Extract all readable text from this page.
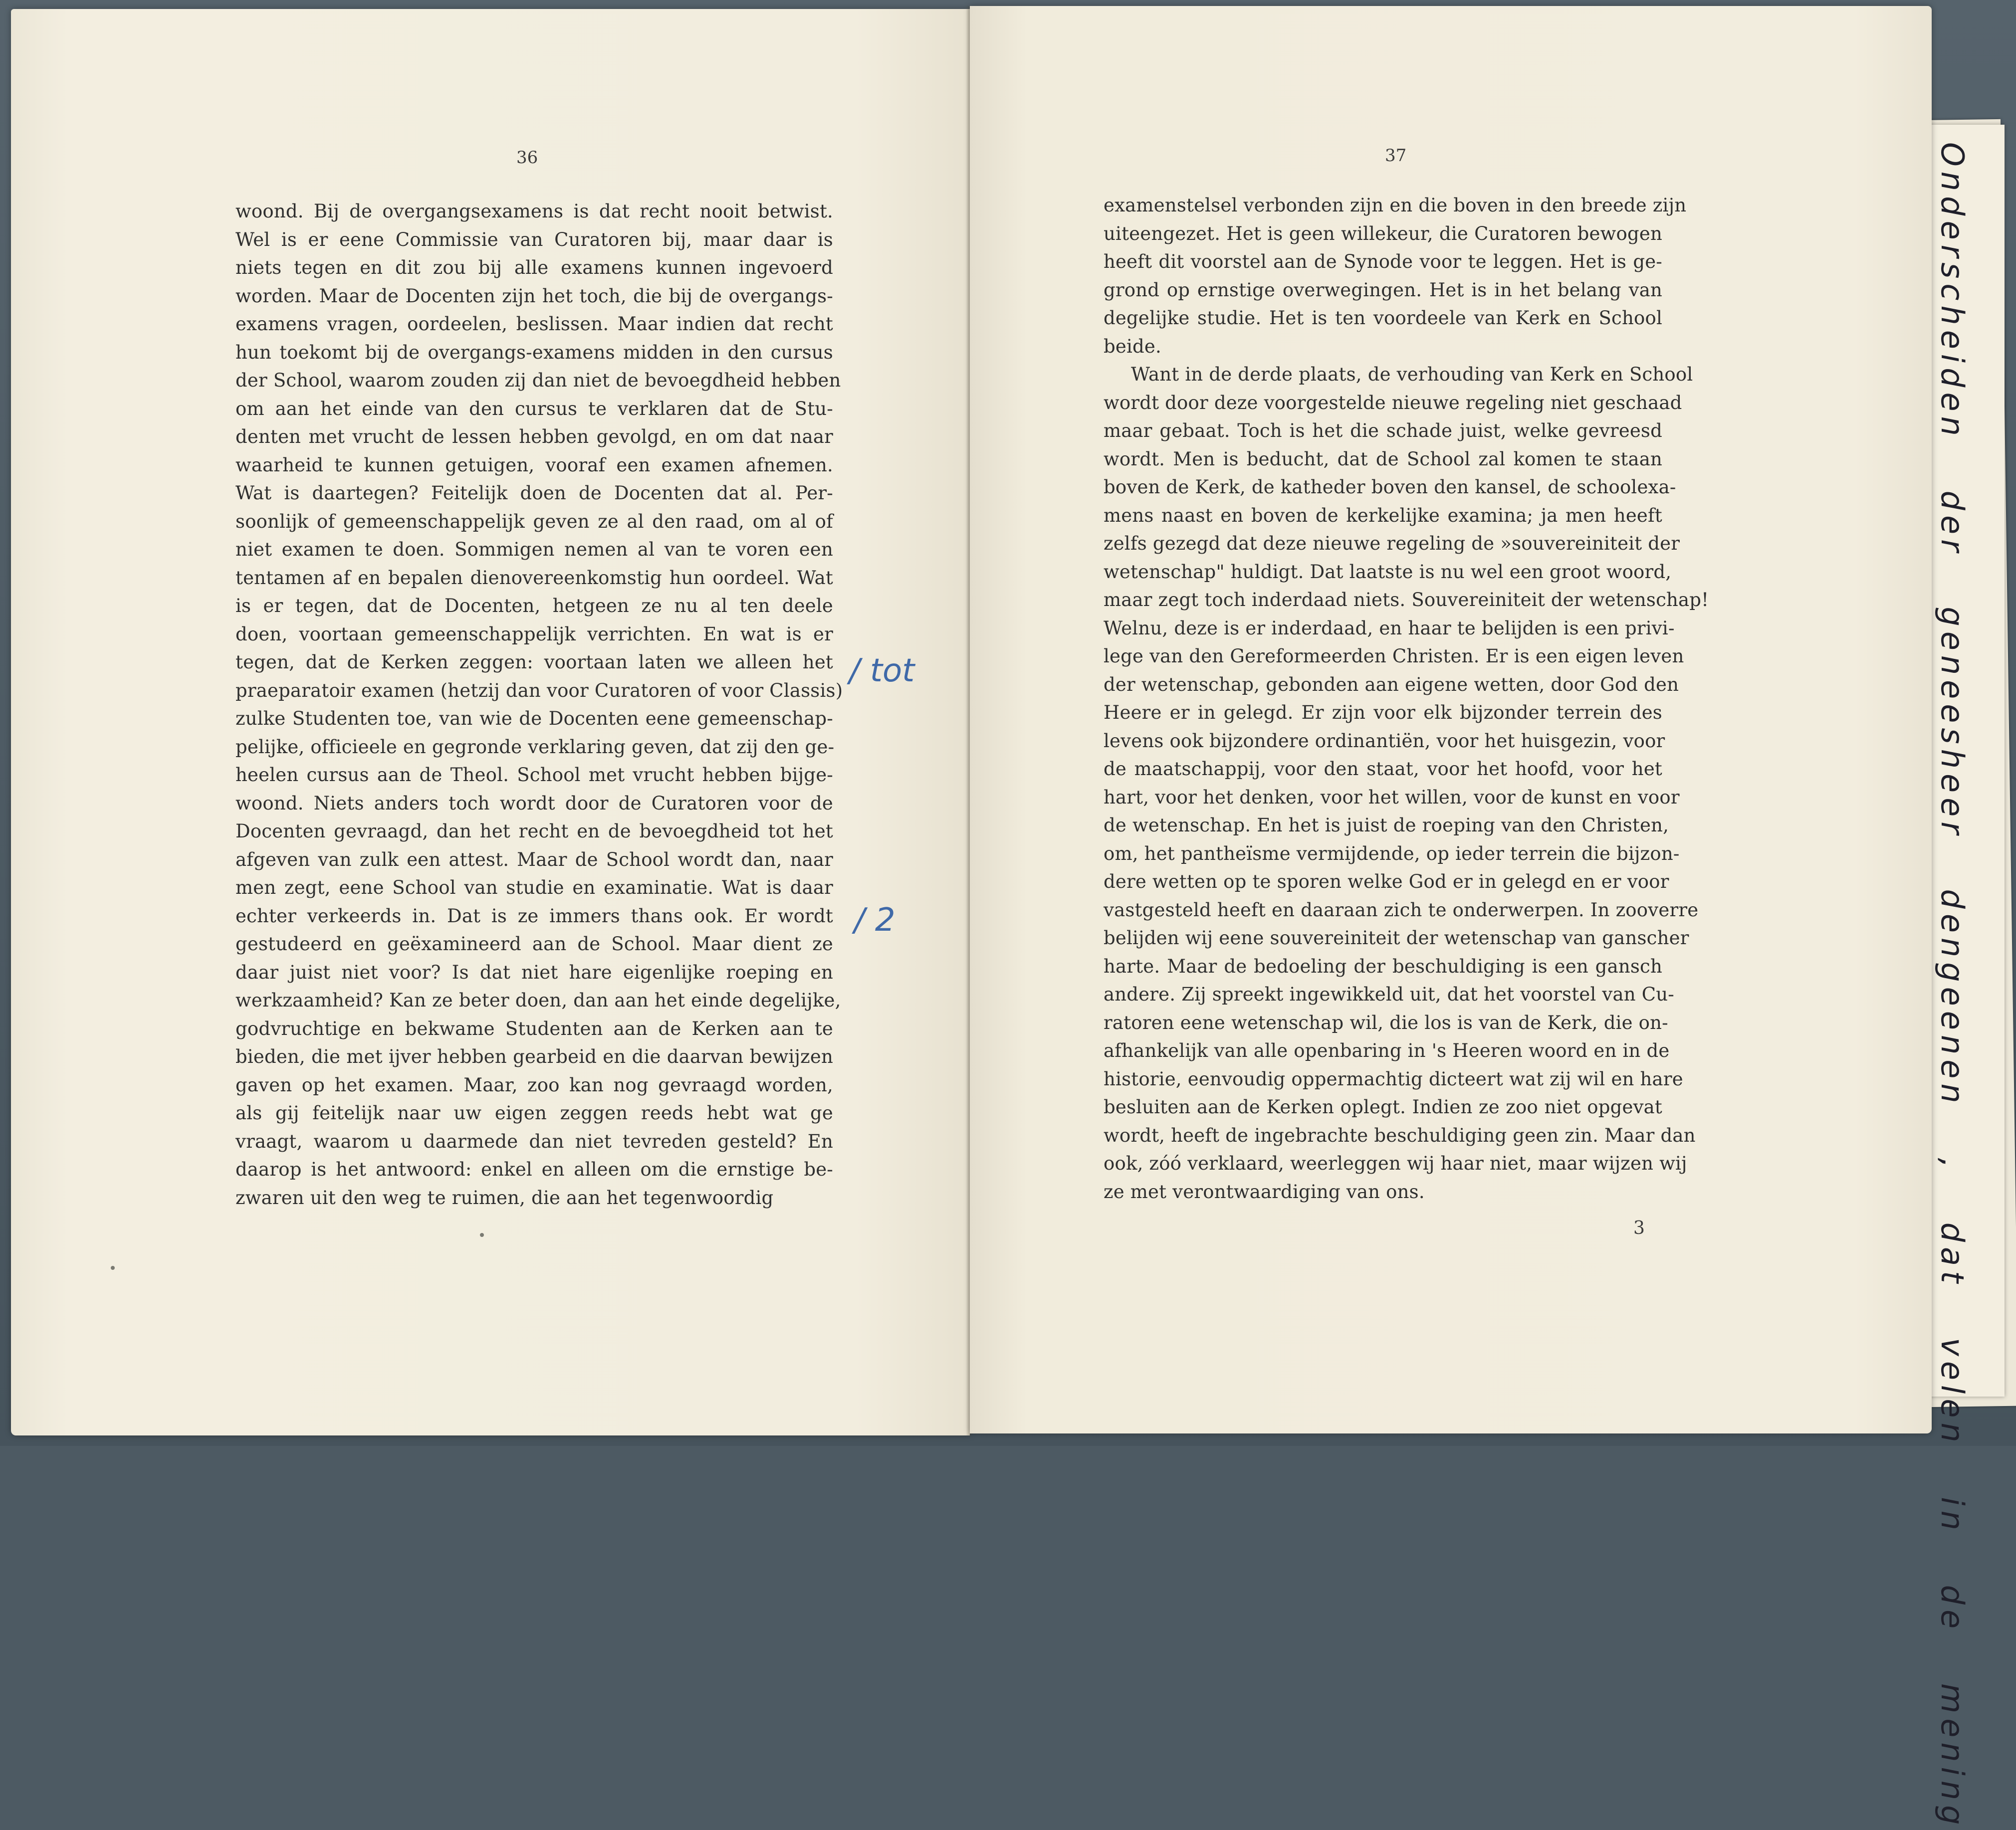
Onderscheiden der geneesheer dengeenen , dat velen in de mening
36
woond. Bij de overgangsexamens is dat recht nooit betwist.
Wel is er eene Commissie van Curatoren bij, maar daar is
niets tegen en dit zou bij alle examens kunnen ingevoerd
worden. Maar de Docenten zijn het toch, die bij de overgangs-
examens vragen, oordeelen, beslissen. Maar indien dat recht
hun toekomt bij de overgangs-examens midden in den cursus
der School, waarom zouden zij dan niet de bevoegdheid hebben
om aan het einde van den cursus te verklaren dat de Stu-
denten met vrucht de lessen hebben gevolgd, en om dat naar
waarheid te kunnen getuigen, vooraf een examen afnemen.
Wat is daartegen? Feitelijk doen de Docenten dat al. Per-
soonlijk of gemeenschappelijk geven ze al den raad, om al of
niet examen te doen. Sommigen nemen al van te voren een
tentamen af en bepalen dienovereenkomstig hun oordeel. Wat
is er tegen, dat de Docenten, hetgeen ze nu al ten deele
doen, voortaan gemeenschappelijk verrichten. En wat is er
tegen, dat de Kerken zeggen: voortaan laten we alleen het
praeparatoir examen (hetzij dan voor Curatoren of voor Classis)
zulke Studenten toe, van wie de Docenten eene gemeenschap-
pelijke, officieele en gegronde verklaring geven, dat zij den ge-
heelen cursus aan de Theol. School met vrucht hebben bijge-
woond. Niets anders toch wordt door de Curatoren voor de
Docenten gevraagd, dan het recht en de bevoegdheid tot het
afgeven van zulk een attest. Maar de School wordt dan, naar
men zegt, eene School van studie en examinatie. Wat is daar
echter verkeerds in. Dat is ze immers thans ook. Er wordt
gestudeerd en geëxamineerd aan de School. Maar dient ze
daar juist niet voor? Is dat niet hare eigenlijke roeping en
werkzaamheid? Kan ze beter doen, dan aan het einde degelijke,
godvruchtige en bekwame Studenten aan de Kerken aan te
bieden, die met ijver hebben gearbeid en die daarvan bewijzen
gaven op het examen. Maar, zoo kan nog gevraagd worden,
als gij feitelijk naar uw eigen zeggen reeds hebt wat ge
vraagt, waarom u daarmede dan niet tevreden gesteld? En
daarop is het antwoord: enkel en alleen om die ernstige be-
zwaren uit den weg te ruimen, die aan het tegenwoordig
/ tot
/ 2
37
examenstelsel verbonden zijn en die boven in den breede zijn
uiteengezet. Het is geen willekeur, die Curatoren bewogen
heeft dit voorstel aan de Synode voor te leggen. Het is ge-
grond op ernstige overwegingen. Het is in het belang van
degelijke studie. Het is ten voordeele van Kerk en School
beide.
Want in de derde plaats, de verhouding van Kerk en School
wordt door deze voorgestelde nieuwe regeling niet geschaad
maar gebaat. Toch is het die schade juist, welke gevreesd
wordt. Men is beducht, dat de School zal komen te staan
boven de Kerk, de katheder boven den kansel, de schoolexa-
mens naast en boven de kerkelijke examina; ja men heeft
zelfs gezegd dat deze nieuwe regeling de »souvereiniteit der
wetenschap" huldigt. Dat laatste is nu wel een groot woord,
maar zegt toch inderdaad niets. Souvereiniteit der wetenschap!
Welnu, deze is er inderdaad, en haar te belijden is een privi-
lege van den Gereformeerden Christen. Er is een eigen leven
der wetenschap, gebonden aan eigene wetten, door God den
Heere er in gelegd. Er zijn voor elk bijzonder terrein des
levens ook bijzondere ordinantiën, voor het huisgezin, voor
de maatschappij, voor den staat, voor het hoofd, voor het
hart, voor het denken, voor het willen, voor de kunst en voor
de wetenschap. En het is juist de roeping van den Christen,
om, het pantheïsme vermijdende, op ieder terrein die bijzon-
dere wetten op te sporen welke God er in gelegd en er voor
vastgesteld heeft en daaraan zich te onderwerpen. In zooverre
belijden wij eene souvereiniteit der wetenschap van ganscher
harte. Maar de bedoeling der beschuldiging is een gansch
andere. Zij spreekt ingewikkeld uit, dat het voorstel van Cu-
ratoren eene wetenschap wil, die los is van de Kerk, die on-
afhankelijk van alle openbaring in 's Heeren woord en in de
historie, eenvoudig oppermachtig dicteert wat zij wil en hare
besluiten aan de Kerken oplegt. Indien ze zoo niet opgevat
wordt, heeft de ingebrachte beschuldiging geen zin. Maar dan
ook, zóó verklaard, weerleggen wij haar niet, maar wijzen wij
ze met verontwaardiging van ons.
3
